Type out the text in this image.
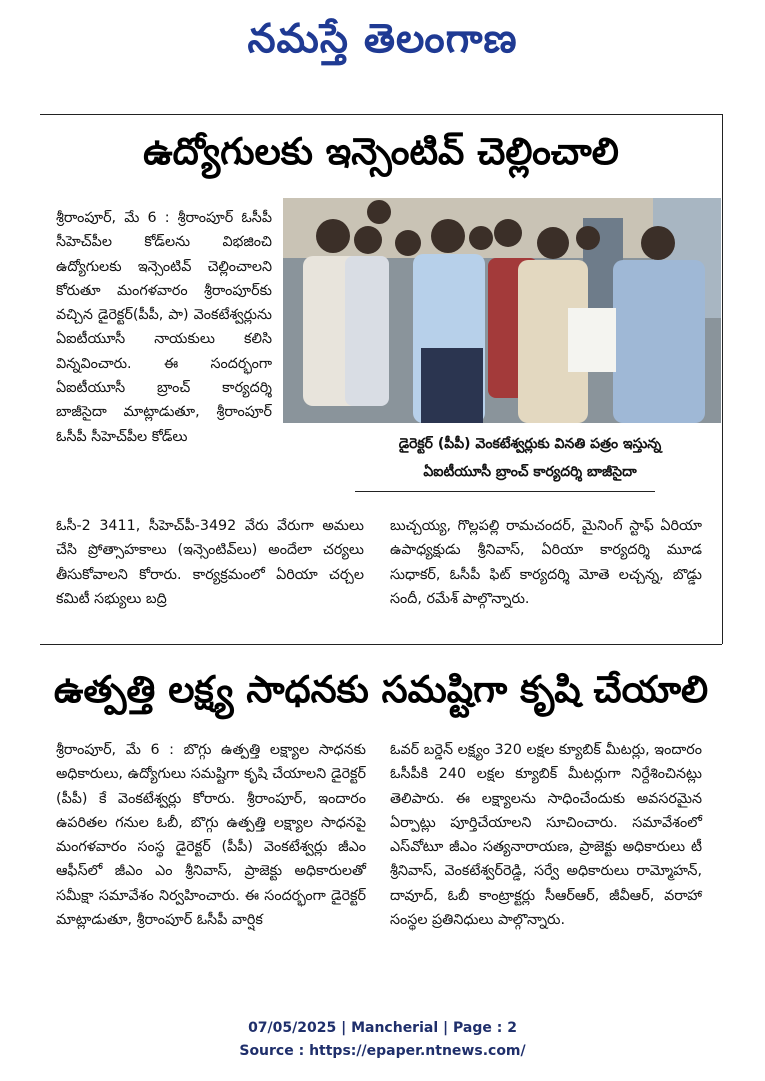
నమస్తే తెలంగాణ
ఉద్యోగులకు ఇన్సెంటివ్ చెల్లించాలి

శ్రీరాంపూర్, మే 6 : శ్రీరాంపూర్ ఓసీపీ సీహెచ్‌పీల కోడ్‌లను విభజించి ఉద్యోగులకు ఇన్సెంటివ్ చెల్లించాలని కోరుతూ మంగళవారం శ్రీరాంపూర్‌కు వచ్చిన డైరెక్టర్(పీపీ, పా) వెంకటేశ్వర్లును ఏఐటీయూసీ నాయకులు కలిసి విన్నవించారు. ఈ సందర్భంగా ఏఐటీయూసీ బ్రాంచ్ కార్యదర్శి బాజీసైదా మాట్లాడుతూ, శ్రీరాంపూర్ ఓసీపీ సీహెచ్‌పీల కోడ్‌లు	డైరెక్టర్ (పీపీ) వెంకటేశ్వర్లుకు వినతి పత్రం ఇస్తున్న
ఏఐటీయూసీ బ్రాంచ్ కార్యదర్శి బాజీసైదా

ఓసీ-2 3411, సీహెచ్‌పీ-3492 వేరు వేరుగా అమలు చేసి ప్రోత్సాహకాలు (ఇన్సెంటివ్‌లు) అందేలా చర్యలు తీసుకోవాలని కోరారు. కార్యక్రమంలో ఏరియా చర్చల కమిటీ సభ్యులు బద్రి

బుచ్చయ్య, గొల్లపల్లి రామచందర్, మైనింగ్ స్టాఫ్ ఏరియా ఉపాధ్యక్షుడు శ్రీనివాస్, ఏరియా కార్యదర్శి మూడ సుధాకర్, ఓసీపీ ఫిట్ కార్యదర్శి మోతె లచ్చన్న, బొడ్డు సందీ, రమేశ్ పాల్గొన్నారు.

ఉత్పత్తి లక్ష్య సాధనకు సమష్టిగా కృషి చేయాలి

శ్రీరాంపూర్, మే 6 : బొగ్గు ఉత్పత్తి లక్ష్యాల సాధనకు అధికారులు, ఉద్యోగులు సమష్టిగా కృషి చేయాలని డైరెక్టర్ (పీపీ) కే వెంకటేశ్వర్లు కోరారు. శ్రీరాంపూర్, ఇందారం ఉపరితల గనుల ఓబీ, బొగ్గు ఉత్పత్తి లక్ష్యాల సాధనపై మంగళవారం సంస్థ డైరెక్టర్ (పీపీ) వెంకటేశ్వర్లు జీఎం ఆఫీస్‌లో జీఎం ఎం శ్రీనివాస్, ప్రాజెక్టు అధికారులతో సమీక్షా సమావేశం నిర్వహించారు. ఈ సందర్భంగా డైరెక్టర్ మాట్లాడుతూ, శ్రీరాంపూర్ ఓసీపీ వార్షిక

ఓవర్ బర్డెన్ లక్ష్యం 320 లక్షల క్యూబిక్ మీటర్లు, ఇందారం ఓసీపీకి 240 లక్షల క్యూబిక్ మీటర్లుగా నిర్దేశించినట్లు తెలిపారు. ఈ లక్ష్యాలను సాధించేందుకు అవసరమైన ఏర్పాట్లు పూర్తిచేయాలని సూచించారు. సమావేశంలో ఎస్‌వోటూ జీఎం సత్యనారాయణ, ప్రాజెక్టు అధికారులు టీ శ్రీనివాస్, వెంకటేశ్వర్‌రెడ్డి, సర్వే అధికారులు రామ్మోహన్, దావూద్, ఓబీ కాంట్రాక్టర్లు సీఆర్ఆర్, జీవీఆర్, వరాహా సంస్థల ప్రతినిధులు పాల్గొన్నారు.

07/05/2025 | Mancherial | Page : 2
Source : https://epaper.ntnews.com/
